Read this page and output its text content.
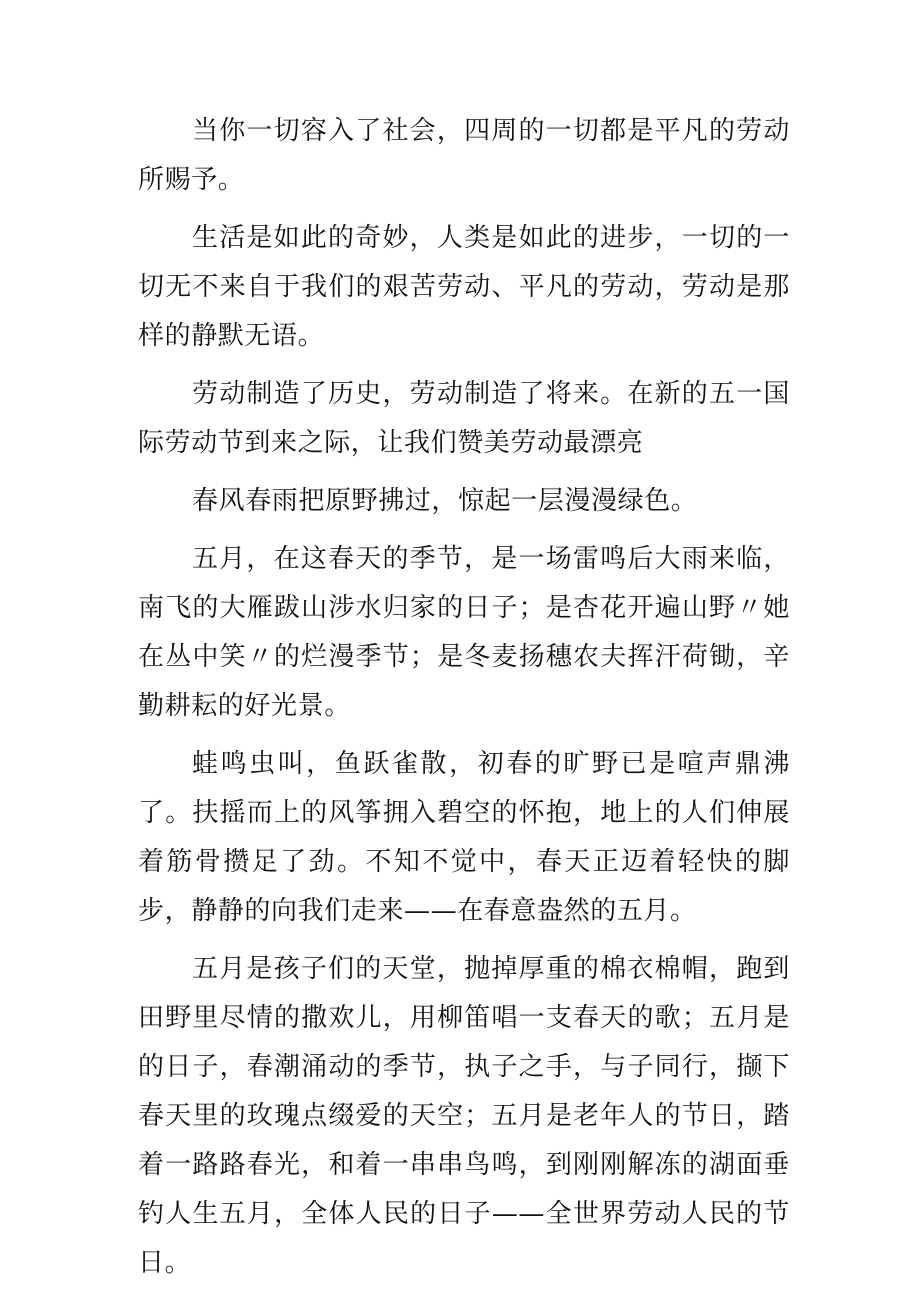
当你一切容入了社会，四周的一切都是平凡的劳动所赐予。

生活是如此的奇妙，人类是如此的进步，一切的一切无不来自于我们的艰苦劳动、平凡的劳动，劳动是那样的静默无语。

劳动制造了历史，劳动制造了将来。在新的五一国际劳动节到来之际，让我们赞美劳动最漂亮

春风春雨把原野拂过，惊起一层漫漫绿色。

五月，在这春天的季节，是一场雷鸣后大雨来临，南飞的大雁跋山涉水归家的日子；是杏花开遍山野〃她在丛中笑〃的烂漫季节；是冬麦扬穗农夫挥汗荷锄，辛勤耕耘的好光景。

蛙鸣虫叫，鱼跃雀散，初春的旷野已是喧声鼎沸了。扶摇而上的风筝拥入碧空的怀抱，地上的人们伸展着筋骨攒足了劲。不知不觉中，春天正迈着轻快的脚步，静静的向我们走来——在春意盎然的五月。

五月是孩子们的天堂，抛掉厚重的棉衣棉帽，跑到田野里尽情的撒欢儿，用柳笛唱一支春天的歌；五月是的日子，春潮涌动的季节，执子之手，与子同行，撷下春天里的玫瑰点缀爱的天空；五月是老年人的节日，踏着一路路春光，和着一串串鸟鸣，到刚刚解冻的湖面垂钓人生五月，全体人民的日子——全世界劳动人民的节日。
